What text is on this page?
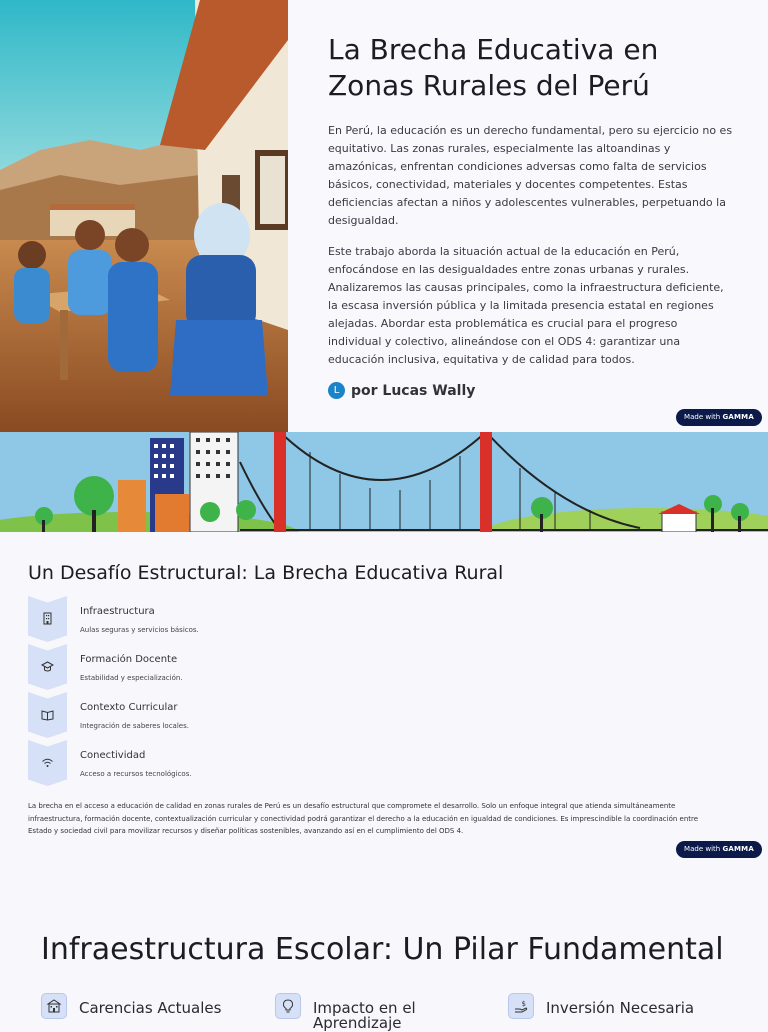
La Brecha Educativa en Zonas Rurales del Perú

En Perú, la educación es un derecho fundamental, pero su ejercicio no es equitativo. Las zonas rurales, especialmente las altoandinas y amazónicas, enfrentan condiciones adversas como falta de servicios básicos, conectividad, materiales y docentes competentes. Estas deficiencias afectan a niños y adolescentes vulnerables, perpetuando la desigualdad.

Este trabajo aborda la situación actual de la educación en Perú, enfocándose en las desigualdades entre zonas urbanas y rurales. Analizaremos las causas principales, como la infraestructura deficiente, la escasa inversión pública y la limitada presencia estatal en regiones alejadas. Abordar esta problemática es crucial para el progreso individual y colectivo, alineándose con el ODS 4: garantizar una educación inclusiva, equitativa y de calidad para todos.

L por Lucas Wally
Made with GAMMA
Un Desafío Estructural: La Brecha Educativa Rural
Infraestructura
Aulas seguras y servicios básicos.
Formación Docente
Estabilidad y especialización.
Contexto Curricular
Integración de saberes locales.
Conectividad
Acceso a recursos tecnológicos.

La brecha en el acceso a educación de calidad en zonas rurales de Perú es un desafío estructural que compromete el desarrollo. Solo un enfoque integral que atienda simultáneamente infraestructura, formación docente, contextualización curricular y conectividad podrá garantizar el derecho a la educación en igualdad de condiciones. Es imprescindible la coordinación entre Estado y sociedad civil para movilizar recursos y diseñar políticas sostenibles, avanzando así en el cumplimiento del ODS 4.

Made with GAMMA
Infraestructura Escolar: Un Pilar Fundamental
Carencias Actuales	Impacto en el Aprendizaje
$ Inversión Necesaria
